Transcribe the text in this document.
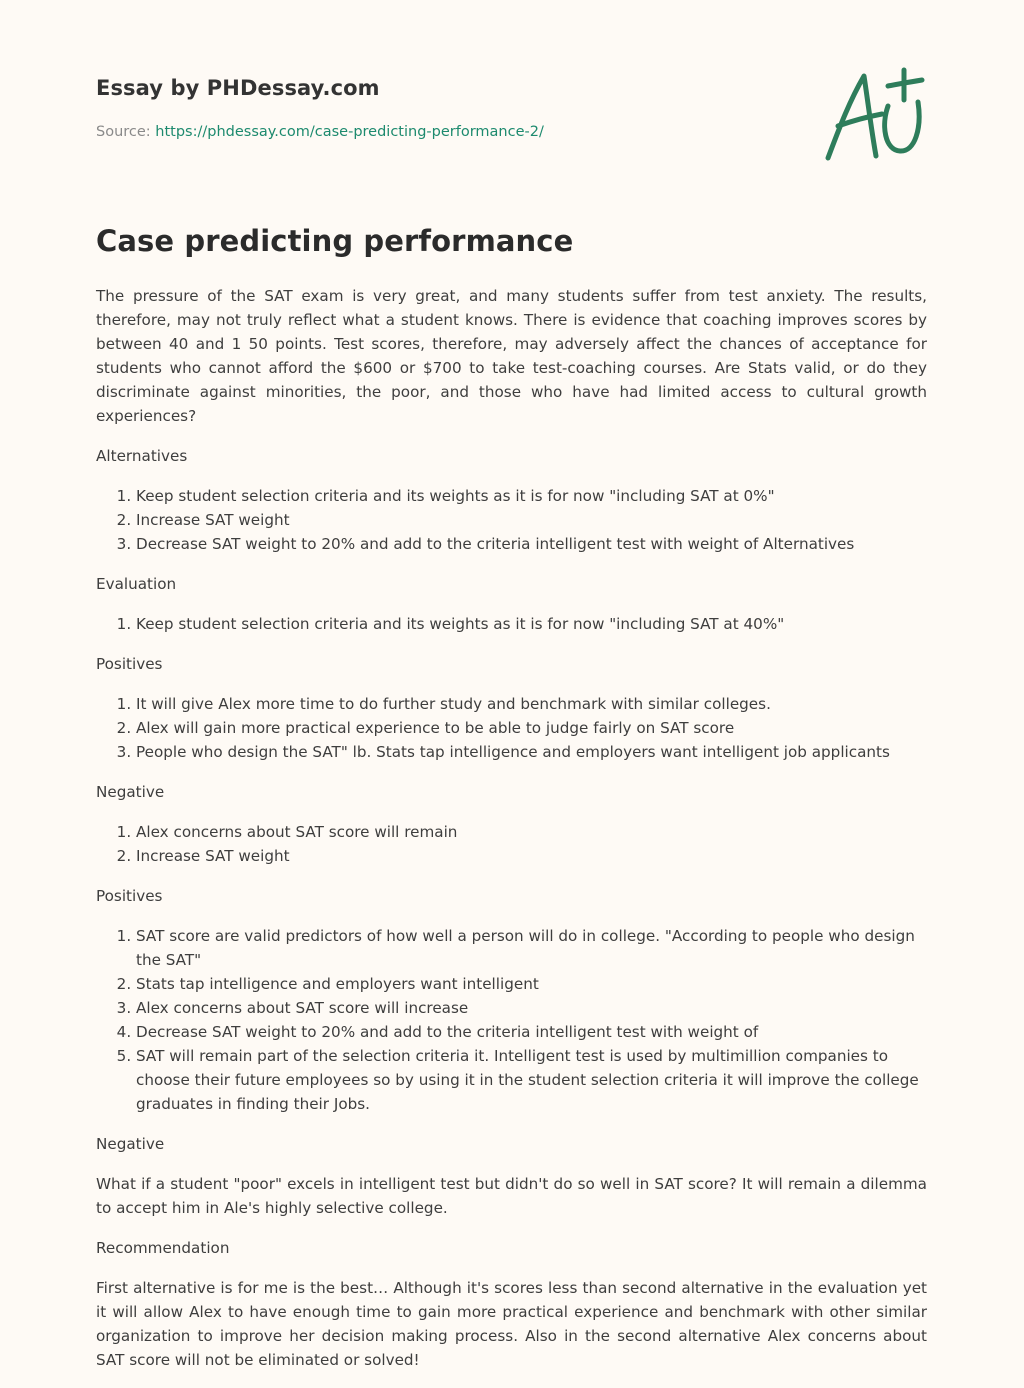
Essay by PHDessay.com
Source: https://phdessay.com/case-predicting-performance-2/
Case predicting performance

The pressure of the SAT exam is very great, and many students suffer from test anxiety. The results, therefore, may not truly reflect what a student knows. There is evidence that coaching improves scores by between 40 and 1 50 points. Test scores, therefore, may adversely affect the chances of acceptance for students who cannot afford the $600 or $700 to take test-coaching courses. Are Stats valid, or do they discriminate against minorities, the poor, and those who have had limited access to cultural growth experiences?

Alternatives

1. Keep student selection criteria and its weights as it is for now "including SAT at 0%"
2. Increase SAT weight
3. Decrease SAT weight to 20% and add to the criteria intelligent test with weight of Alternatives

Evaluation

1. Keep student selection criteria and its weights as it is for now "including SAT at 40%"

Positives

1. It will give Alex more time to do further study and benchmark with similar colleges.
2. Alex will gain more practical experience to be able to judge fairly on SAT score
3. People who design the SAT" lb. Stats tap intelligence and employers want intelligent job applicants

Negative

1. Alex concerns about SAT score will remain
2. Increase SAT weight

Positives

1. SAT score are valid predictors of how well a person will do in college. "According to people who design the SAT"
2. Stats tap intelligence and employers want intelligent
3. Alex concerns about SAT score will increase
4. Decrease SAT weight to 20% and add to the criteria intelligent test with weight of
5. SAT will remain part of the selection criteria it. Intelligent test is used by multimillion companies to choose their future employees so by using it in the student selection criteria it will improve the college graduates in finding their Jobs.

Negative

What if a student "poor" excels in intelligent test but didn't do so well in SAT score? It will remain a dilemma to accept him in Ale's highly selective college.

Recommendation

First alternative is for me is the best… Although it's scores less than second alternative in the evaluation yet it will allow Alex to have enough time to gain more practical experience and benchmark with other similar organization to improve her decision making process. Also in the second alternative Alex concerns about SAT score will not be eliminated or solved!
